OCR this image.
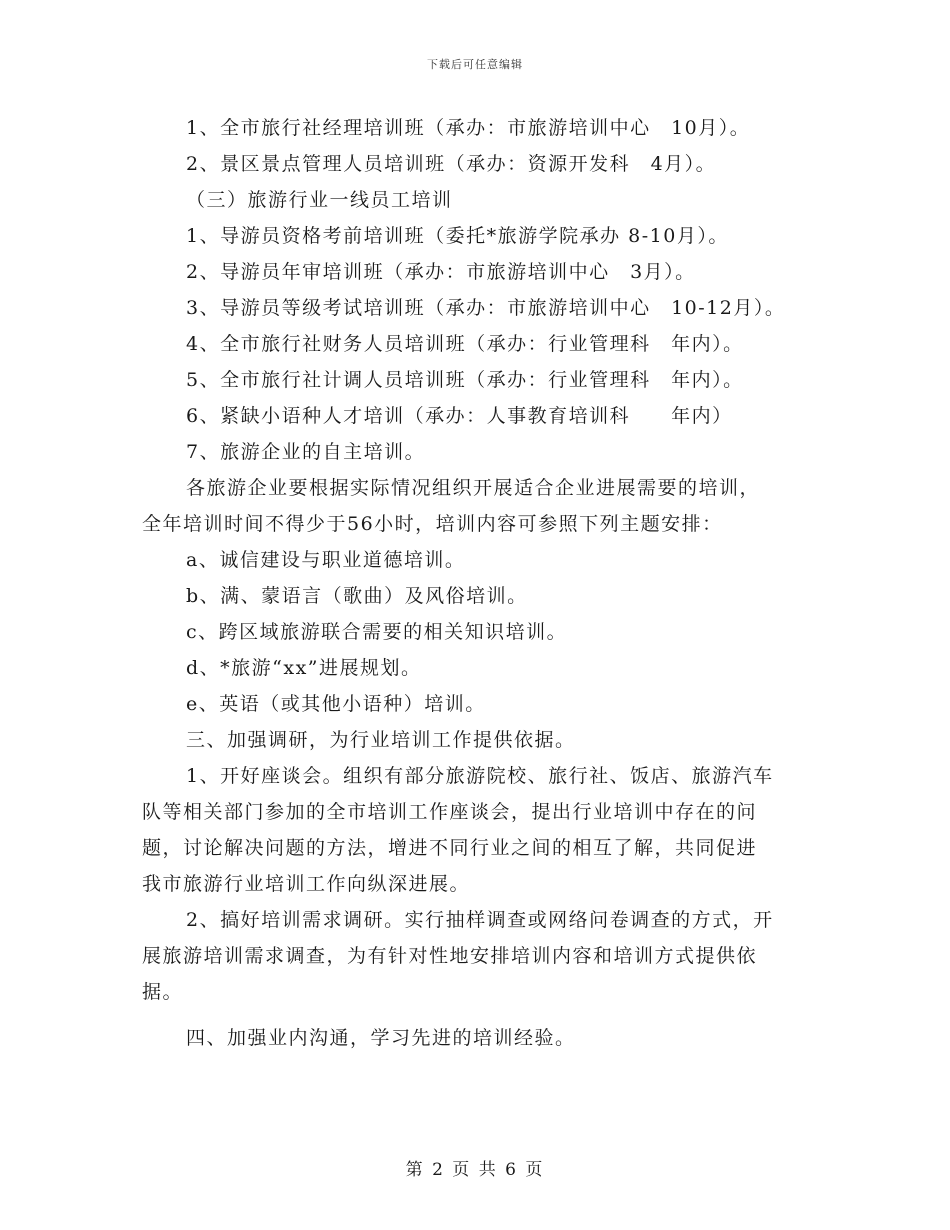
下载后可任意编辑
1、全市旅行社经理培训班（承办：市旅游培训中心　10月）。
2、景区景点管理人员培训班（承办：资源开发科　4月）。
（三）旅游行业一线员工培训
1、导游员资格考前培训班（委托*旅游学院承办 8-10月）。
2、导游员年审培训班（承办：市旅游培训中心　3月）。
3、导游员等级考试培训班（承办：市旅游培训中心　10-12月）。
4、全市旅行社财务人员培训班（承办：行业管理科　年内）。
5、全市旅行社计调人员培训班（承办：行业管理科　年内）。
6、紧缺小语种人才培训（承办：人事教育培训科　　年内）
7、旅游企业的自主培训。
各旅游企业要根据实际情况组织开展适合企业进展需要的培训，
全年培训时间不得少于56小时，培训内容可参照下列主题安排：
a、诚信建设与职业道德培训。
b、满、蒙语言（歌曲）及风俗培训。
c、跨区域旅游联合需要的相关知识培训。
d、*旅游“xx”进展规划。
e、英语（或其他小语种）培训。
三、加强调研，为行业培训工作提供依据。
1、开好座谈会。组织有部分旅游院校、旅行社、饭店、旅游汽车
队等相关部门参加的全市培训工作座谈会，提出行业培训中存在的问
题，讨论解决问题的方法，增进不同行业之间的相互了解，共同促进
我市旅游行业培训工作向纵深进展。
2、搞好培训需求调研。实行抽样调查或网络问卷调查的方式，开
展旅游培训需求调查，为有针对性地安排培训内容和培训方式提供依
据。
四、加强业内沟通，学习先进的培训经验。
第 2 页 共 6 页
